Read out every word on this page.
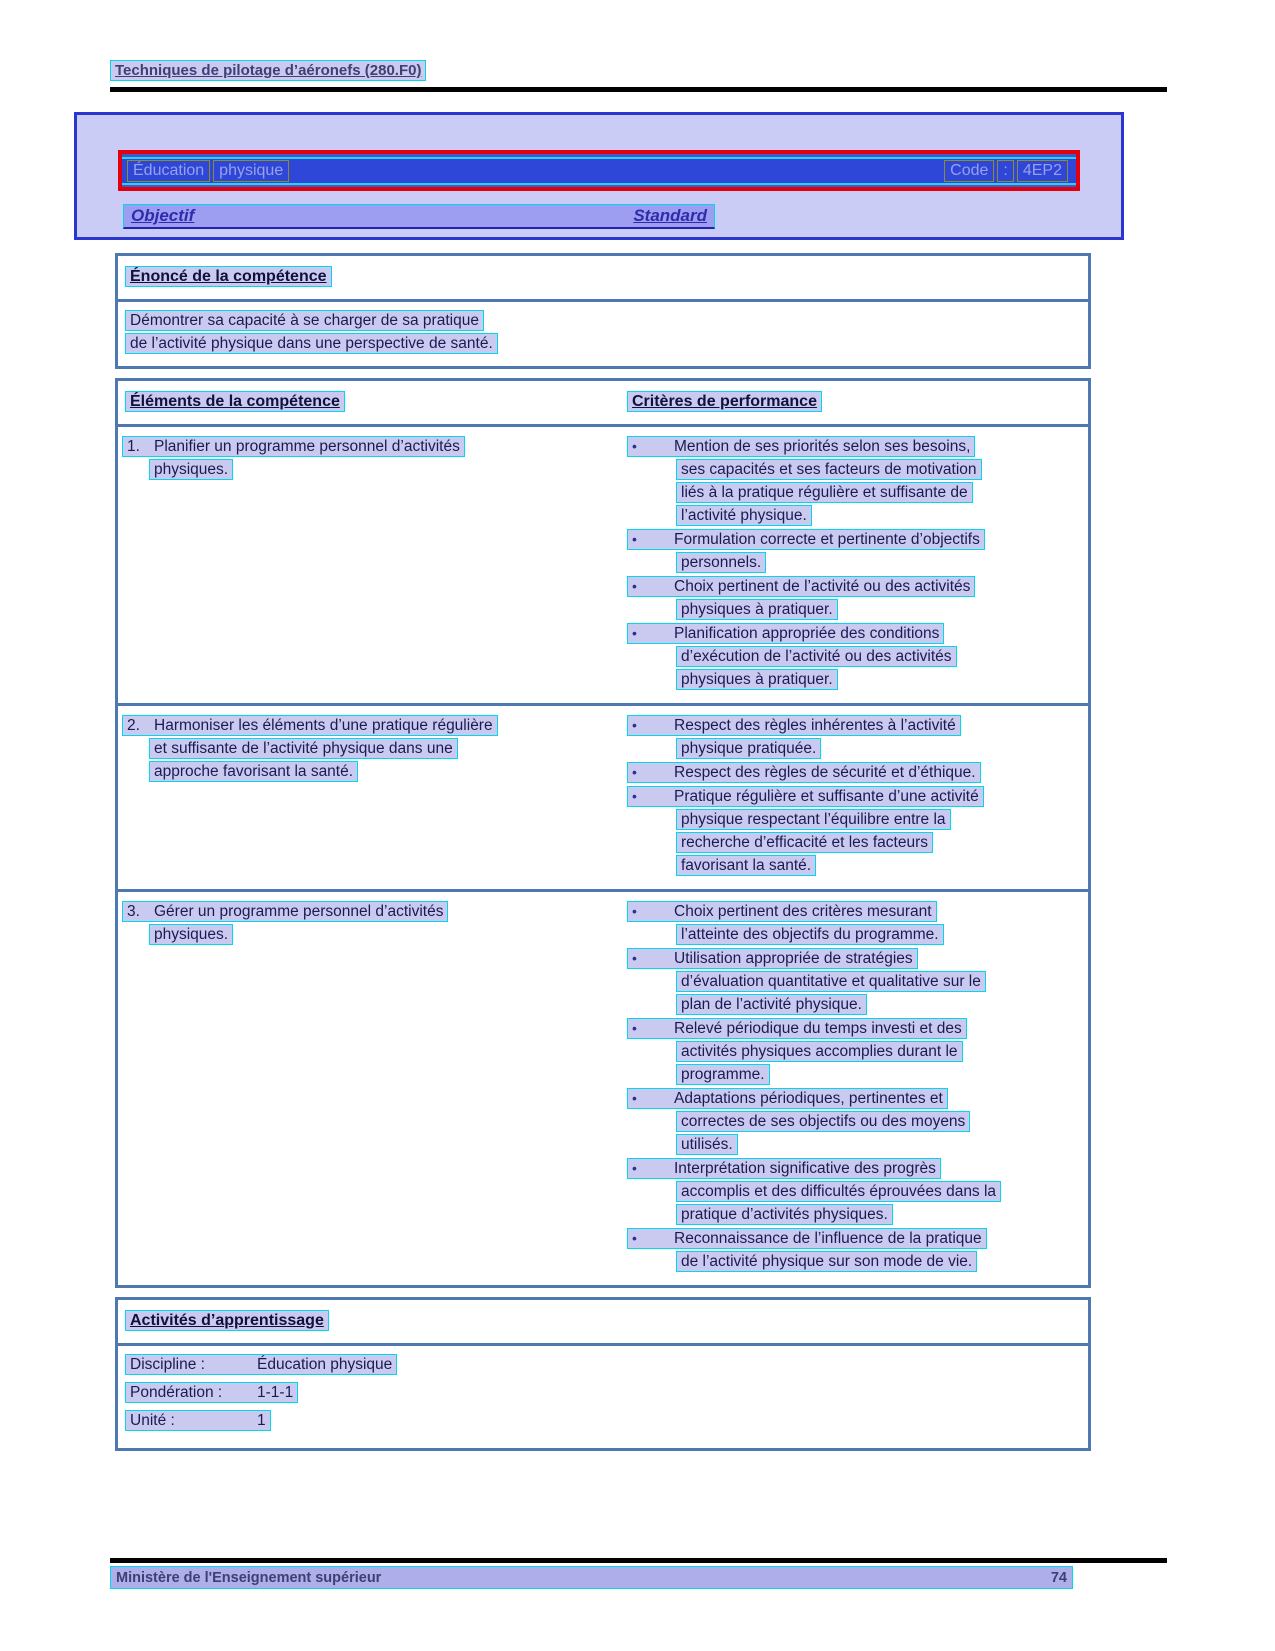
Techniques de pilotage d’aéronefs (280.F0)
Éducation physique	Code : 4EP2
Objectif	Standard
Énoncé de la compétence
Démontrer sa capacité à se charger de sa pratique
de l’activité physique dans une perspective de santé.
Éléments de la compétence	Critères de performance
1. Planifier un programme personnel d’activités
physiques.
• Mention de ses priorités selon ses besoins,
ses capacités et ses facteurs de motivation
liés à la pratique régulière et suffisante de
l’activité physique.
• Formulation correcte et pertinente d’objectifs
personnels.
• Choix pertinent de l’activité ou des activités
physiques à pratiquer.
• Planification appropriée des conditions
d’exécution de l’activité ou des activités
physiques à pratiquer.
2. Harmoniser les éléments d’une pratique régulière
et suffisante de l’activité physique dans une
approche favorisant la santé.
• Respect des règles inhérentes à l’activité
physique pratiquée.
• Respect des règles de sécurité et d’éthique.
• Pratique régulière et suffisante d’une activité
physique respectant l’équilibre entre la
recherche d’efficacité et les facteurs
favorisant la santé.
3. Gérer un programme personnel d’activités
physiques.
• Choix pertinent des critères mesurant
l’atteinte des objectifs du programme.
• Utilisation appropriée de stratégies
d’évaluation quantitative et qualitative sur le
plan de l’activité physique.
• Relevé périodique du temps investi et des
activités physiques accomplies durant le
programme.
• Adaptations périodiques, pertinentes et
correctes de ses objectifs ou des moyens
utilisés.
• Interprétation significative des progrès
accomplis et des difficultés éprouvées dans la
pratique d’activités physiques.
• Reconnaissance de l’influence de la pratique
de l’activité physique sur son mode de vie.
Activités d’apprentissage
Discipline :	Éducation physique
Pondération : 1-1-1
Unité :	1
Ministère de l'Enseignement supérieur	74
